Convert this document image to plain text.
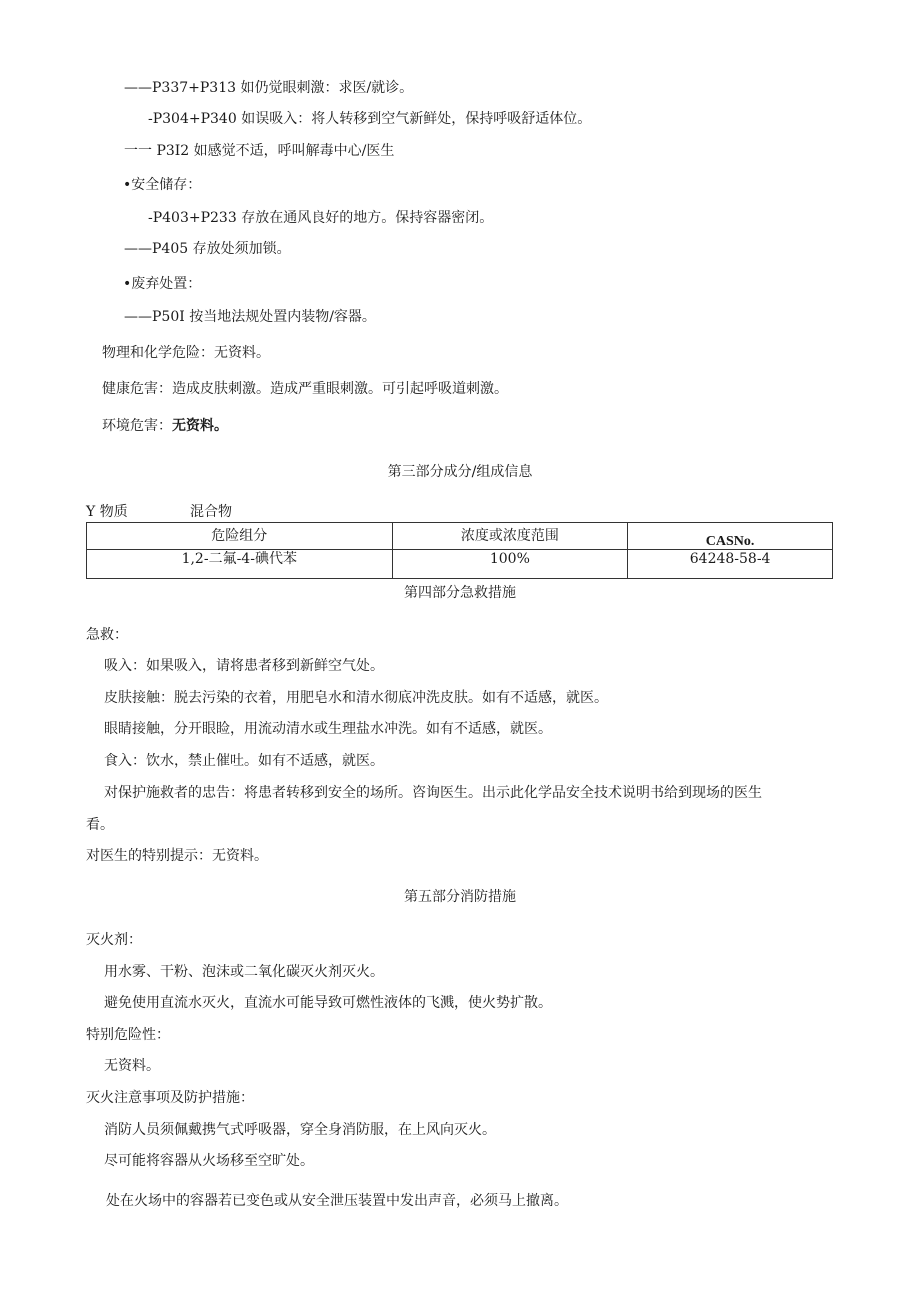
——P337+P313 如仍觉眼刺激：求医/就诊。
-P304+P340 如误吸入：将人转移到空气新鲜处，保持呼吸舒适体位。
一一 P3I2 如感觉不适，呼叫解毒中心/医生
•安全储存：
-P403+P233 存放在通风良好的地方。保持容器密闭。
——P405 存放处须加锁。
•废弃处置：
——P50I 按当地法规处置内装物/容器。
物理和化学危险：无资料。
健康危害：造成皮肤刺激。造成严重眼刺激。可引起呼吸道刺激。
环境危害：无资料。
第三部分成分/组成信息
Y 物质	混合物
危险组分	浓度或浓度范围	CASNo.
1,2-二氟-4-碘代苯	100%	64248-58-4
第四部分急救措施
急救：
吸入：如果吸入，请将患者移到新鲜空气处。
皮肤接触：脱去污染的衣着，用肥皂水和清水彻底冲洗皮肤。如有不适感，就医。
眼睛接触，分开眼睑，用流动清水或生理盐水冲洗。如有不适感，就医。
食入：饮水，禁止催吐。如有不适感，就医。
对保护施救者的忠告：将患者转移到安全的场所。咨询医生。出示此化学品安全技术说明书给到现场的医生
看。
对医生的特别提示：无资料。
第五部分消防措施
灭火剂：
用水雾、干粉、泡沫或二氧化碳灭火剂灭火。
避免使用直流水灭火，直流水可能导致可燃性液体的飞溅，使火势扩散。
特别危险性：
无资料。
灭火注意事项及防护措施：
消防人员须佩戴携气式呼吸器，穿全身消防服，在上风向灭火。
尽可能将容器从火场移至空旷处。
处在火场中的容器若已变色或从安全泄压装置中发出声音，必须马上撤离。
